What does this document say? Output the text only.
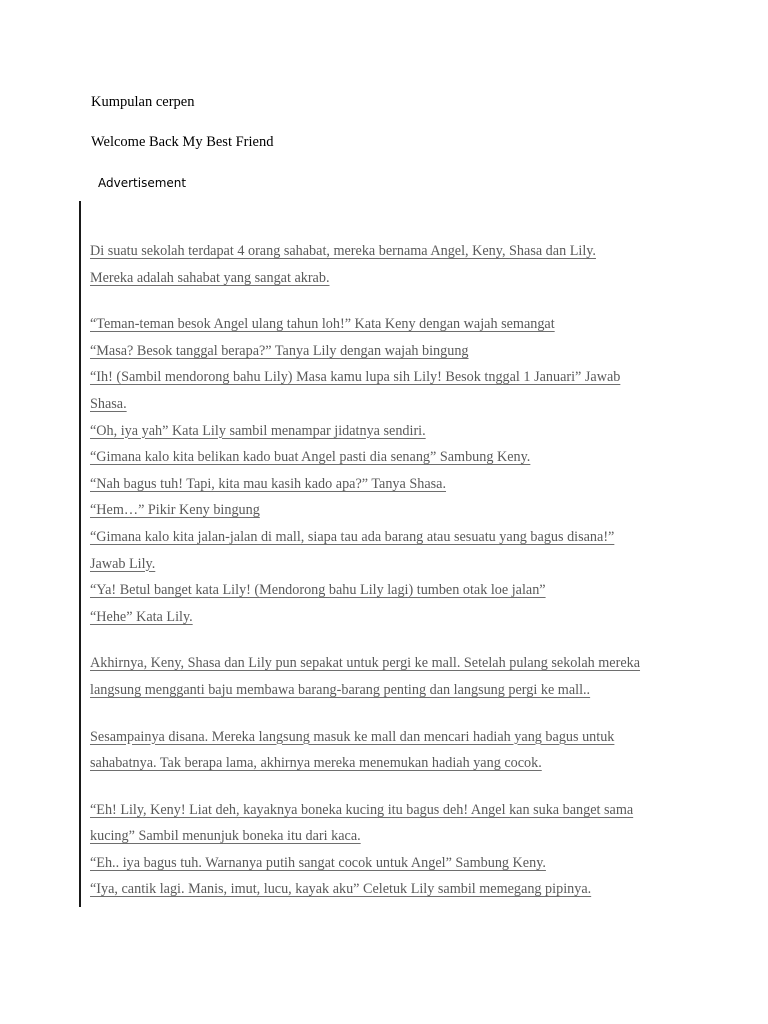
Kumpulan cerpen
Welcome Back My Best Friend
Advertisement

Di suatu sekolah terdapat 4 orang sahabat, mereka bernama Angel, Keny, Shasa dan Lily.
Mereka adalah sahabat yang sangat akrab.

“Teman-teman besok Angel ulang tahun loh!” Kata Keny dengan wajah semangat
“Masa? Besok tanggal berapa?” Tanya Lily dengan wajah bingung
“Ih! (Sambil mendorong bahu Lily) Masa kamu lupa sih Lily! Besok tnggal 1 Januari” Jawab
Shasa.
“Oh, iya yah” Kata Lily sambil menampar jidatnya sendiri.
“Gimana kalo kita belikan kado buat Angel pasti dia senang” Sambung Keny.
“Nah bagus tuh! Tapi, kita mau kasih kado apa?” Tanya Shasa.
“Hem…” Pikir Keny bingung
“Gimana kalo kita jalan-jalan di mall, siapa tau ada barang atau sesuatu yang bagus disana!”
Jawab Lily.
“Ya! Betul banget kata Lily! (Mendorong bahu Lily lagi) tumben otak loe jalan”
“Hehe” Kata Lily.

Akhirnya, Keny, Shasa dan Lily pun sepakat untuk pergi ke mall. Setelah pulang sekolah mereka
langsung mengganti baju membawa barang-barang penting dan langsung pergi ke mall..

Sesampainya disana. Mereka langsung masuk ke mall dan mencari hadiah yang bagus untuk
sahabatnya. Tak berapa lama, akhirnya mereka menemukan hadiah yang cocok.

“Eh! Lily, Keny! Liat deh, kayaknya boneka kucing itu bagus deh! Angel kan suka banget sama
kucing” Sambil menunjuk boneka itu dari kaca.
“Eh.. iya bagus tuh. Warnanya putih sangat cocok untuk Angel” Sambung Keny.
“Iya, cantik lagi. Manis, imut, lucu, kayak aku” Celetuk Lily sambil memegang pipinya.
